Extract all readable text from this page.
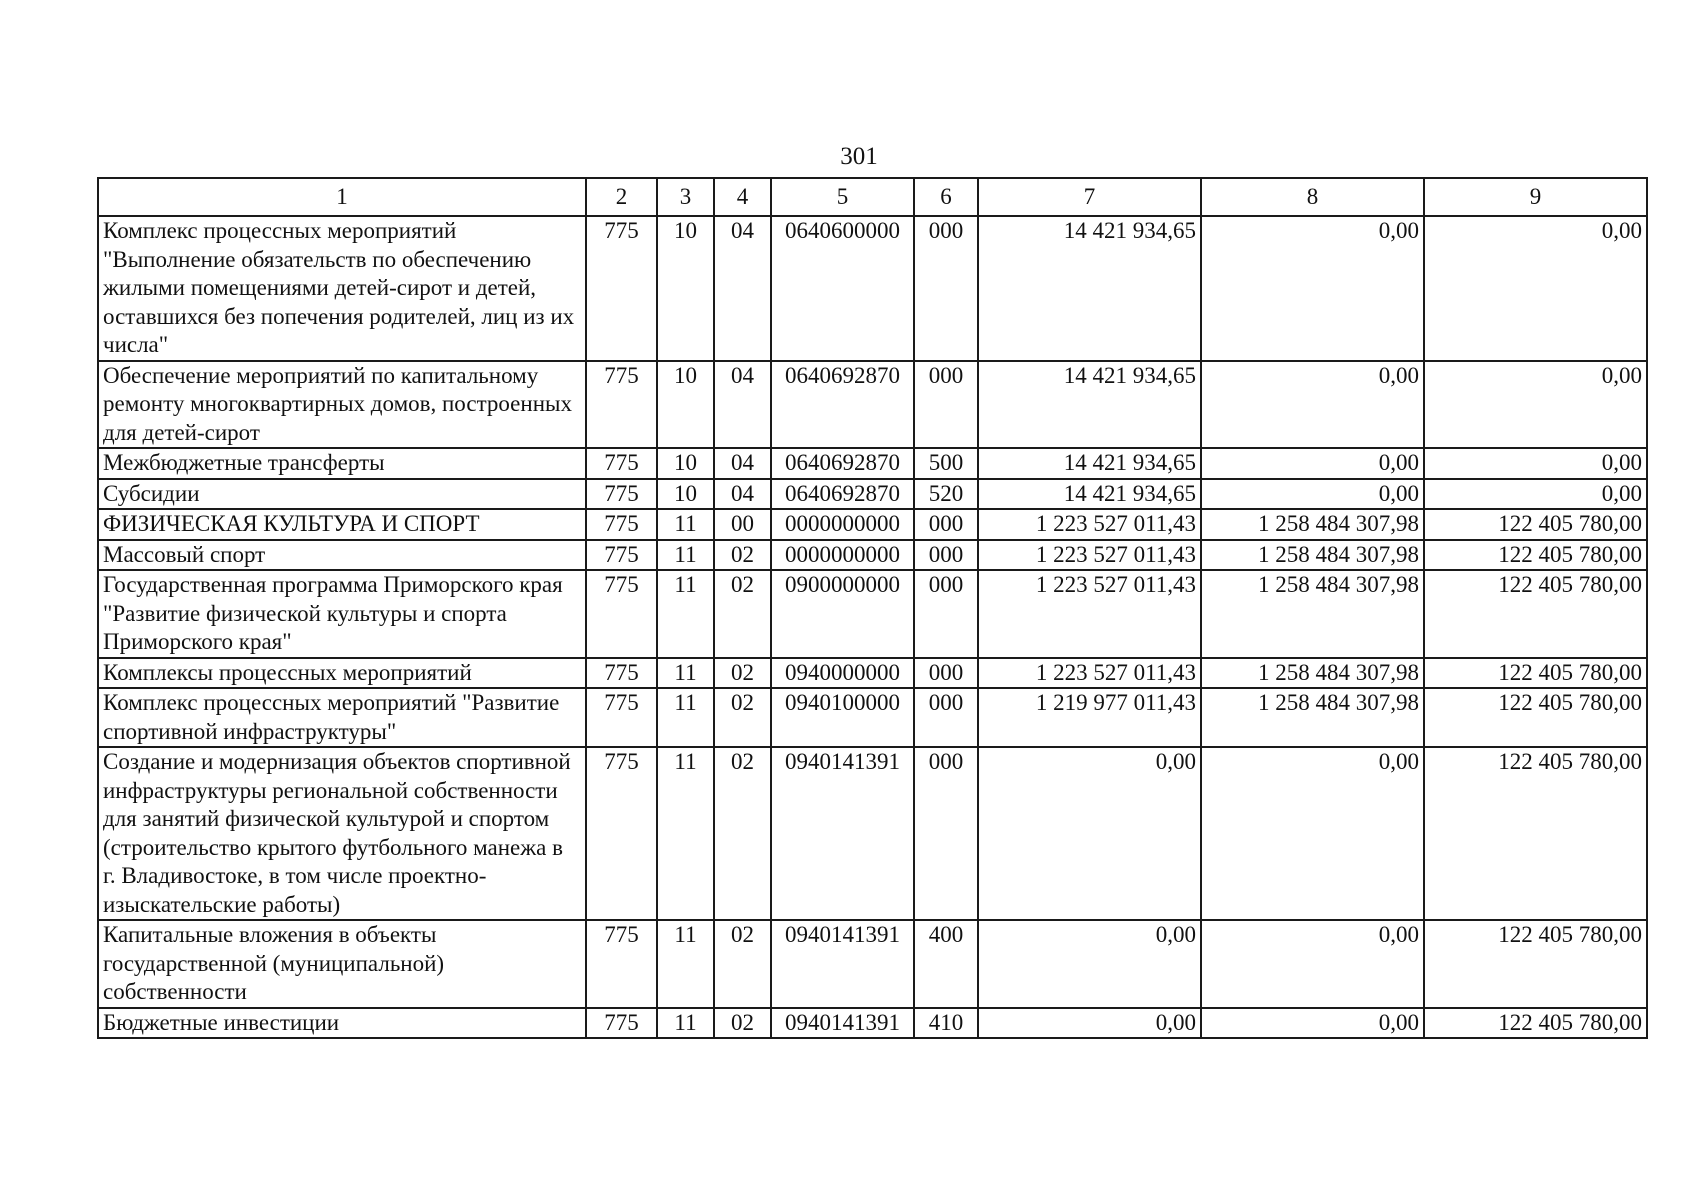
301
1	2	3	4	5	6	7	8	9
Комплекс процессных мероприятий "Выполнение обязательств по обеспечению жилыми помещениями детей-сирот и детей, оставшихся без попечения родителей, лиц из их числа"	775	10	04	0640600000	000	14 421 934,65	0,00	0,00
Обеспечение мероприятий по капитальному ремонту многоквартирных домов, построенных для детей-сирот	775	10	04	0640692870	000	14 421 934,65	0,00	0,00
Межбюджетные трансферты	775	10	04	0640692870	500	14 421 934,65	0,00	0,00
Субсидии	775	10	04	0640692870	520	14 421 934,65	0,00	0,00
ФИЗИЧЕСКАЯ КУЛЬТУРА И СПОРТ	775	11	00	0000000000	000	1 223 527 011,43	1 258 484 307,98	122 405 780,00
Массовый спорт	775	11	02	0000000000	000	1 223 527 011,43	1 258 484 307,98	122 405 780,00
Государственная программа Приморского края "Развитие физической культуры и спорта Приморского края"	775	11	02	0900000000	000	1 223 527 011,43	1 258 484 307,98	122 405 780,00
Комплексы процессных мероприятий	775	11	02	0940000000	000	1 223 527 011,43	1 258 484 307,98	122 405 780,00
Комплекс процессных мероприятий "Развитие спортивной инфраструктуры"	775	11	02	0940100000	000	1 219 977 011,43	1 258 484 307,98	122 405 780,00
Создание и модернизация объектов спортивной инфраструктуры региональной собственности для занятий физической культурой и спортом (строительство крытого футбольного манежа в г. Владивостоке, в том числе проектно-изыскательские работы)	775	11	02	0940141391	000	0,00	0,00	122 405 780,00
Капитальные вложения в объекты государственной (муниципальной) собственности	775	11	02	0940141391	400	0,00	0,00	122 405 780,00
Бюджетные инвестиции	775	11	02	0940141391	410	0,00	0,00	122 405 780,00
